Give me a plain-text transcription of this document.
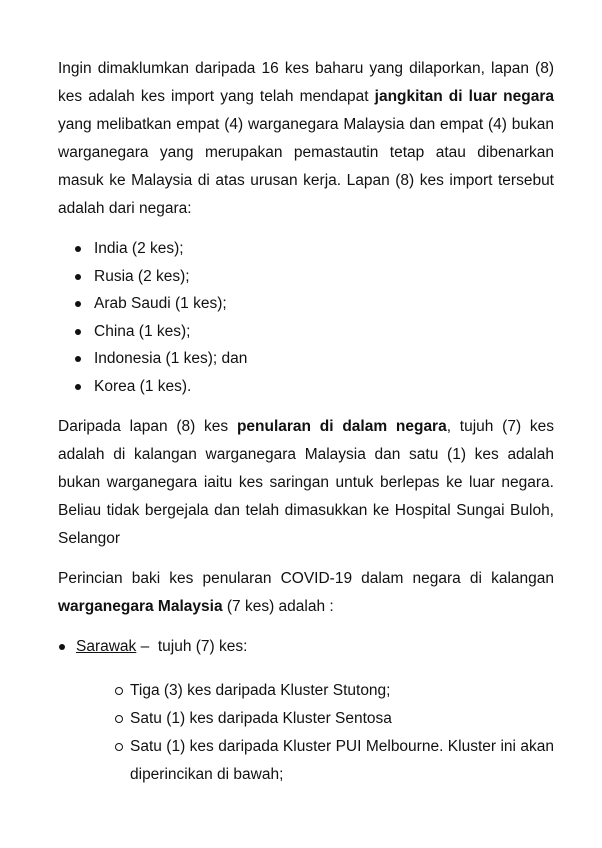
Ingin dimaklumkan daripada 16 kes baharu yang dilaporkan, lapan (8) kes adalah kes import yang telah mendapat jangkitan di luar negara yang melibatkan empat (4) warganegara Malaysia dan empat (4) bukan warganegara yang merupakan pemastautin tetap atau dibenarkan masuk ke Malaysia di atas urusan kerja. Lapan (8) kes import tersebut adalah dari negara:

India (2 kes);
Rusia (2 kes);
Arab Saudi (1 kes);
China (1 kes);
Indonesia (1 kes); dan
Korea (1 kes).

Daripada lapan (8) kes penularan di dalam negara, tujuh (7) kes adalah di kalangan warganegara Malaysia dan satu (1) kes adalah bukan warganegara iaitu kes saringan untuk berlepas ke luar negara. Beliau tidak bergejala dan telah dimasukkan ke Hospital Sungai Buloh, Selangor

Perincian baki kes penularan COVID-19 dalam negara di kalangan warganegara Malaysia (7 kes) adalah :

Sarawak –  tujuh (7) kes:
Tiga (3) kes daripada Kluster Stutong;
Satu (1) kes daripada Kluster Sentosa
Satu (1) kes daripada Kluster PUI Melbourne. Kluster ini akan diperincikan di bawah;
